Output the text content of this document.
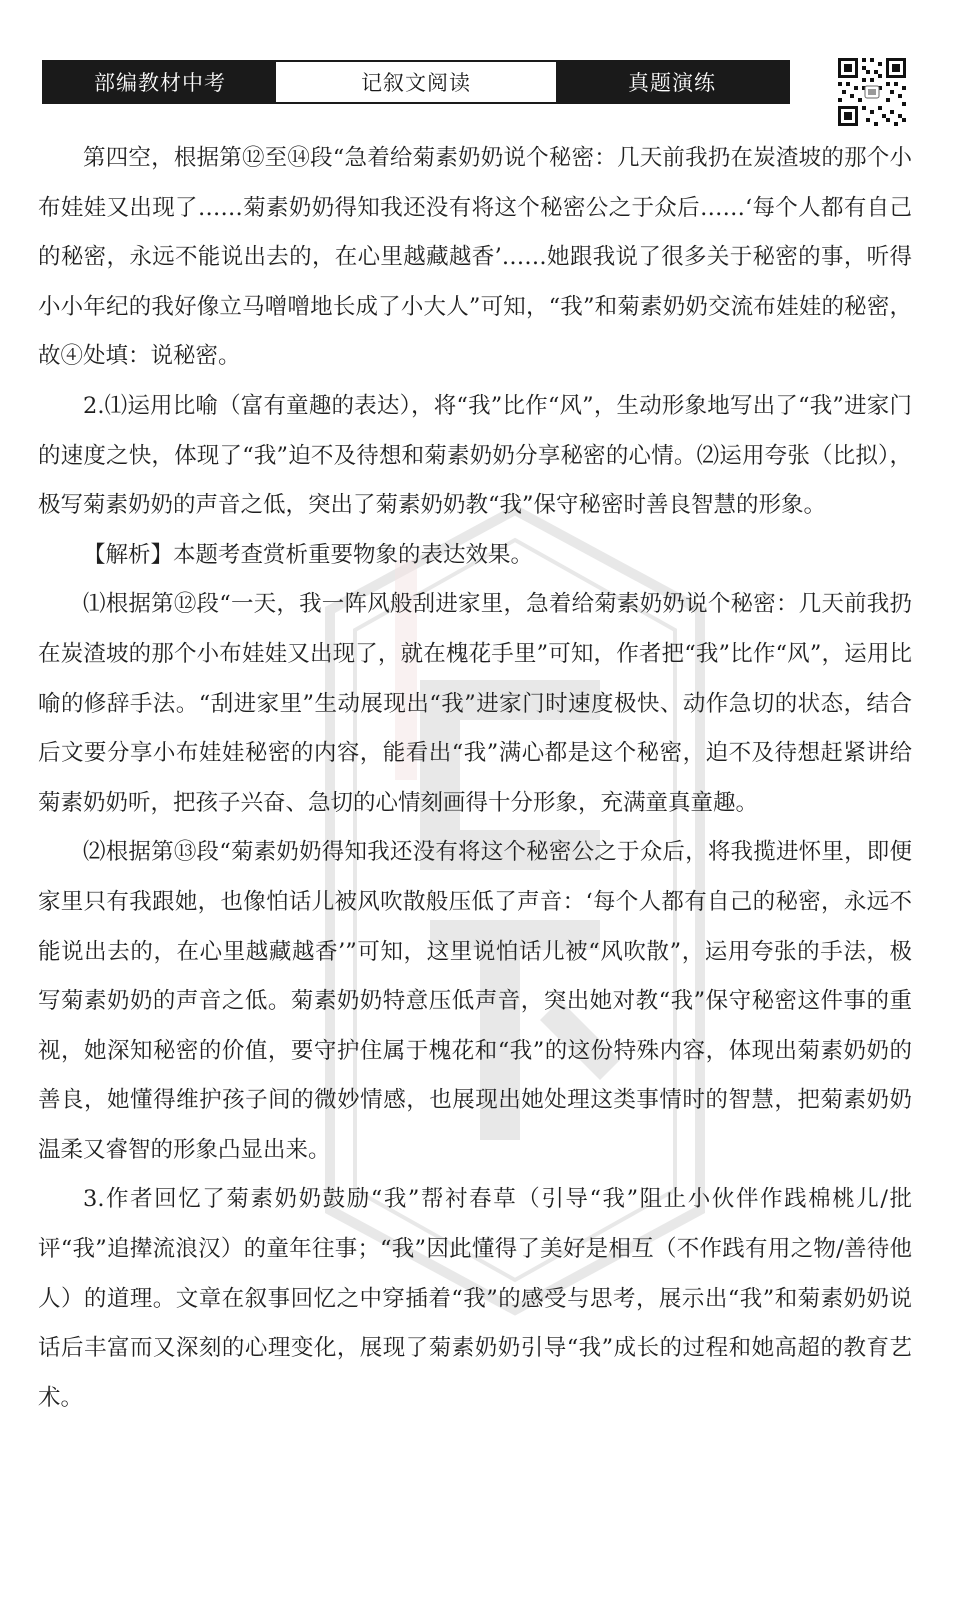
部编教材中考	记叙文阅读	真题演练

第四空，根据第⑫至⑭段“急着给菊素奶奶说个秘密：几天前我扔在炭渣坡的那个小布娃娃又出现了……菊素奶奶得知我还没有将这个秘密公之于众后……‘每个人都有自己的秘密，永远不能说出去的，在心里越藏越香’……她跟我说了很多关于秘密的事，听得小小年纪的我好像立马噌噌地长成了小大人”可知，“我”和菊素奶奶交流布娃娃的秘密，故④处填：说秘密。

2.⑴运用比喻（富有童趣的表达），将“我”比作“风”，生动形象地写出了“我”进家门的速度之快，体现了“我”迫不及待想和菊素奶奶分享秘密的心情。⑵运用夸张（比拟），极写菊素奶奶的声音之低，突出了菊素奶奶教“我”保守秘密时善良智慧的形象。

【解析】本题考查赏析重要物象的表达效果。

⑴根据第⑫段“一天，我一阵风般刮进家里，急着给菊素奶奶说个秘密：几天前我扔在炭渣坡的那个小布娃娃又出现了，就在槐花手里”可知，作者把“我”比作“风”，运用比喻的修辞手法。“刮进家里”生动展现出“我”进家门时速度极快、动作急切的状态，结合后文要分享小布娃娃秘密的内容，能看出“我”满心都是这个秘密，迫不及待想赶紧讲给菊素奶奶听，把孩子兴奋、急切的心情刻画得十分形象，充满童真童趣。

⑵根据第⑬段“菊素奶奶得知我还没有将这个秘密公之于众后，将我揽进怀里，即便家里只有我跟她，也像怕话儿被风吹散般压低了声音：‘每个人都有自己的秘密，永远不能说出去的，在心里越藏越香’”可知，这里说怕话儿被“风吹散”，运用夸张的手法，极写菊素奶奶的声音之低。菊素奶奶特意压低声音，突出她对教“我”保守秘密这件事的重视，她深知秘密的价值，要守护住属于槐花和“我”的这份特殊内容，体现出菊素奶奶的善良，她懂得维护孩子间的微妙情感，也展现出她处理这类事情时的智慧，把菊素奶奶温柔又睿智的形象凸显出来。

3.作者回忆了菊素奶奶鼓励“我”帮衬春草（引导“我”阻止小伙伴作践棉桃儿/批评“我”追撵流浪汉）的童年往事；“我”因此懂得了美好是相互（不作践有用之物/善待他人）的道理。文章在叙事回忆之中穿插着“我”的感受与思考，展示出“我”和菊素奶奶说话后丰富而又深刻的心理变化，展现了菊素奶奶引导“我”成长的过程和她高超的教育艺术。
